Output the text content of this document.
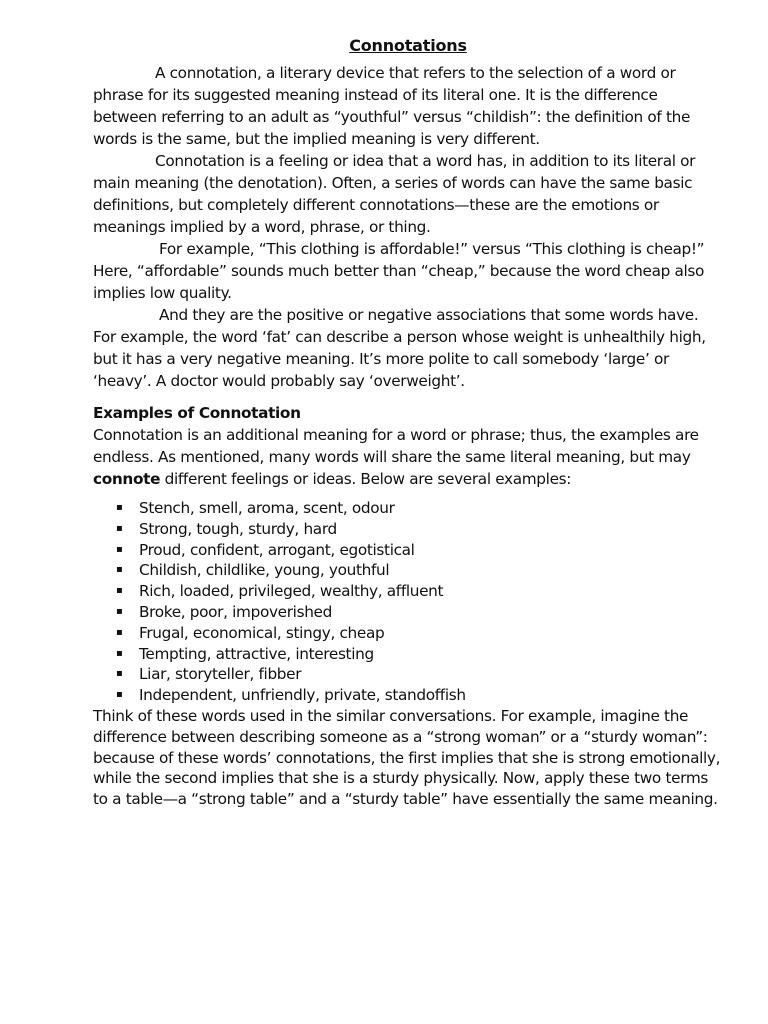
Connotations

A connotation, a literary device that refers to the selection of a word or phrase for its suggested meaning instead of its literal one. It is the difference between referring to an adult as “youthful” versus “childish”: the definition of the words is the same, but the implied meaning is very different.

Connotation is a feeling or idea that a word has, in addition to its literal or main meaning (the denotation). Often, a series of words can have the same basic definitions, but completely different connotations—these are the emotions or meanings implied by a word, phrase, or thing.

For example, “This clothing is affordable!” versus “This clothing is cheap!” Here, “affordable” sounds much better than “cheap,” because the word cheap also implies low quality.

And they are the positive or negative associations that some words have. For example, the word ‘fat’ can describe a person whose weight is unhealthily high, but it has a very negative meaning. It’s more polite to call somebody ‘large’ or ‘heavy’. A doctor would probably say ‘overweight’.

Examples of Connotation

Connotation is an additional meaning for a word or phrase; thus, the examples are endless. As mentioned, many words will share the same literal meaning, but may connote different feelings or ideas. Below are several examples:

▪ Stench, smell, aroma, scent, odour
▪ Strong, tough, sturdy, hard
▪ Proud, confident, arrogant, egotistical
▪ Childish, childlike, young, youthful
▪ Rich, loaded, privileged, wealthy, affluent
▪ Broke, poor, impoverished
▪ Frugal, economical, stingy, cheap
▪ Tempting, attractive, interesting
▪ Liar, storyteller, fibber
▪ Independent, unfriendly, private, standoffish

Think of these words used in the similar conversations. For example, imagine the difference between describing someone as a “strong woman” or a “sturdy woman”: because of these words’ connotations, the first implies that she is strong emotionally, while the second implies that she is a sturdy physically. Now, apply these two terms to a table—a “strong table” and a “sturdy table” have essentially the same meaning.
